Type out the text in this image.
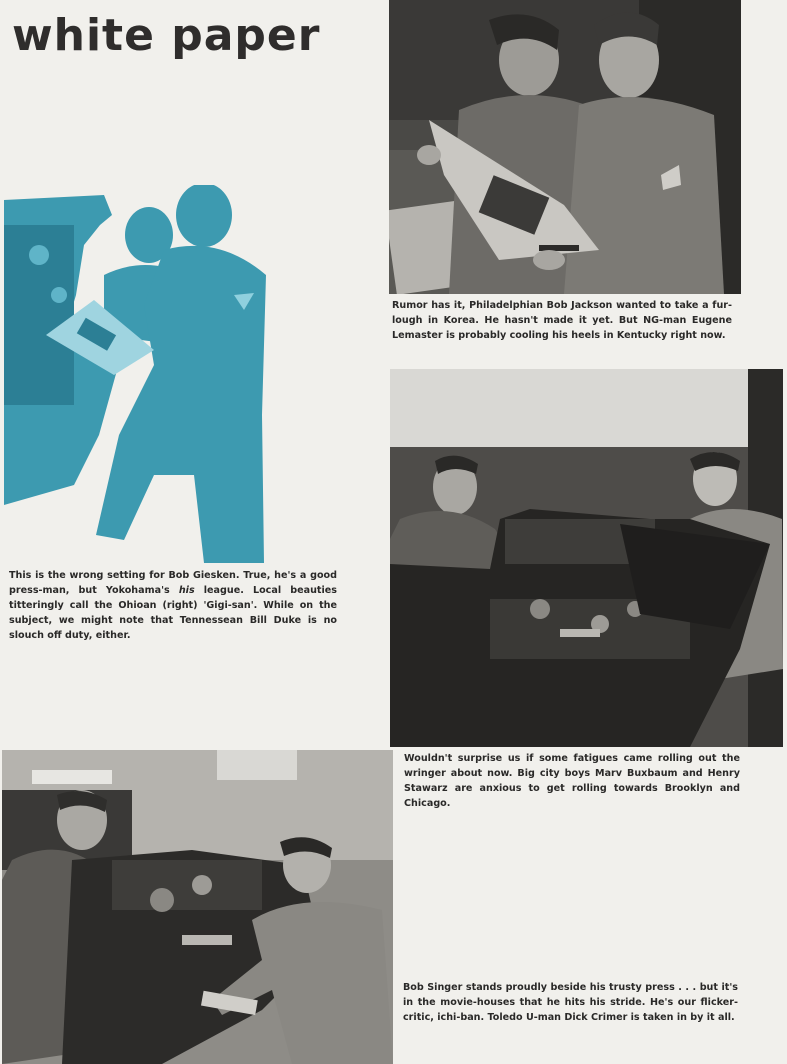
white paper

Rumor has it, Philadelphian Bob Jackson wanted to take a fur-lough in Korea. He hasn't made it yet. But NG-man Eugene Lemaster is probably cooling his heels in Kentucky right now.

This is the wrong setting for Bob Giesken. True, he's a good press-man, but Yokohama's his league. Local beauties titteringly call the Ohioan (right) 'Gigi-san'. While on the subject, we might note that Tennessean Bill Duke is no slouch off duty, either.

Wouldn't surprise us if some fatigues came rolling out the wringer about now. Big city boys Marv Buxbaum and Henry Stawarz are anxious to get rolling towards Brooklyn and Chicago.

Bob Singer stands proudly beside his trusty press . . . but it's in the movie-houses that he hits his stride. He's our flicker-critic, ichi-ban. Toledo U-man Dick Crimer is taken in by it all.
